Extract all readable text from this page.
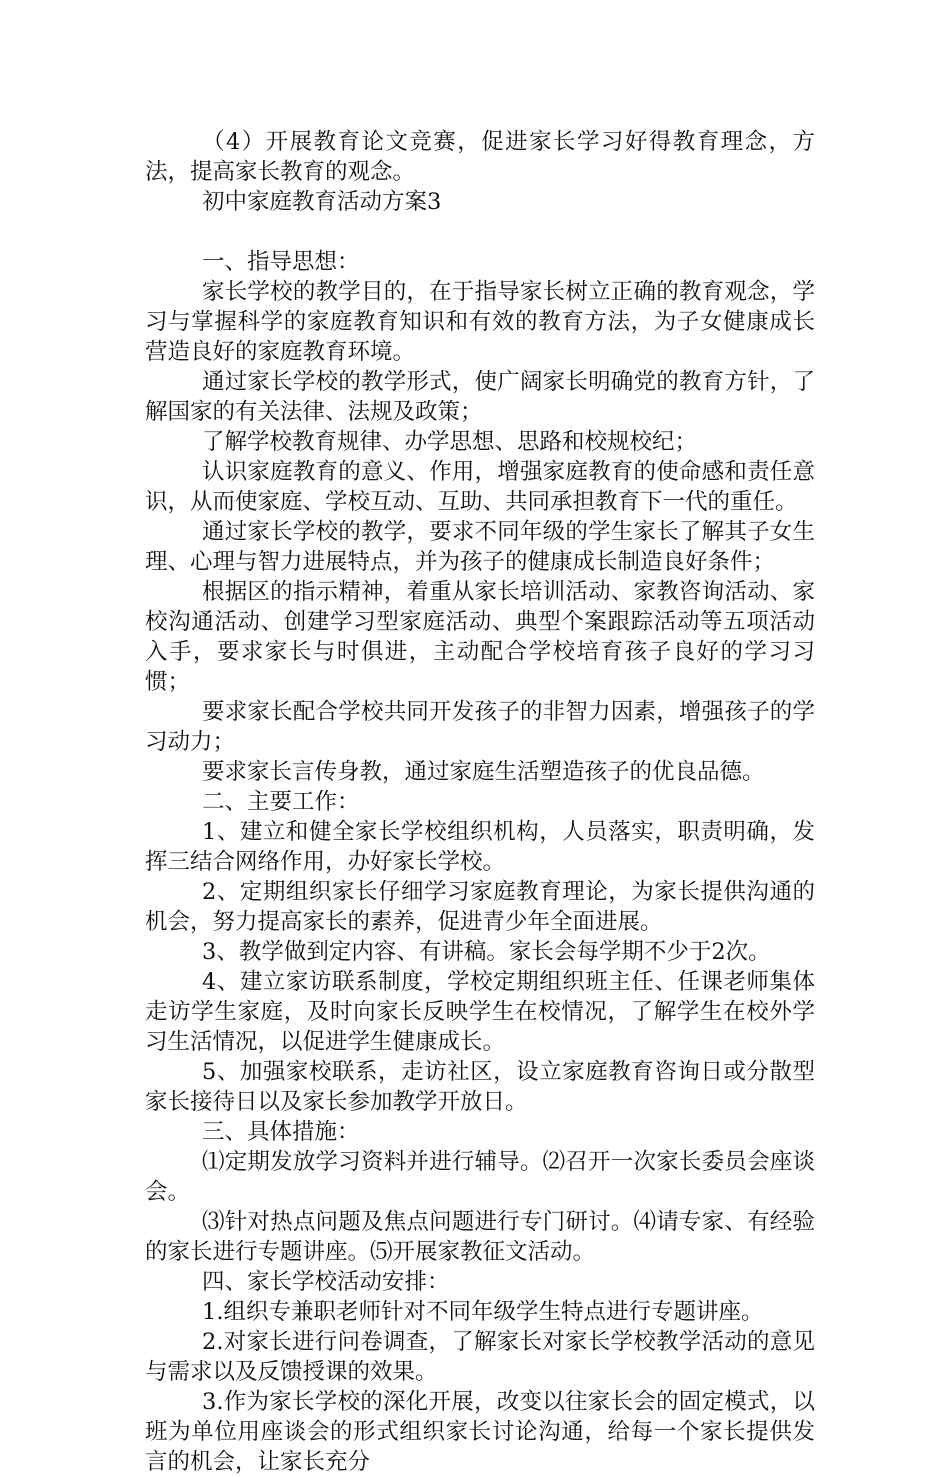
（4）开展教育论文竞赛，促进家长学习好得教育理念，方法，提高家长教育的观念。

初中家庭教育活动方案3

一、指导思想：

家长学校的教学目的，在于指导家长树立正确的教育观念，学习与掌握科学的家庭教育知识和有效的教育方法，为子女健康成长营造良好的家庭教育环境。

通过家长学校的教学形式，使广阔家长明确党的教育方针，了解国家的有关法律、法规及政策；

了解学校教育规律、办学思想、思路和校规校纪；

认识家庭教育的意义、作用，增强家庭教育的使命感和责任意识，从而使家庭、学校互动、互助、共同承担教育下一代的重任。

通过家长学校的教学，要求不同年级的学生家长了解其子女生理、心理与智力进展特点，并为孩子的健康成长制造良好条件；

根据区的指示精神，着重从家长培训活动、家教咨询活动、家校沟通活动、创建学习型家庭活动、典型个案跟踪活动等五项活动入手，要求家长与时俱进，主动配合学校培育孩子良好的学习习惯；

要求家长配合学校共同开发孩子的非智力因素，增强孩子的学习动力；

要求家长言传身教，通过家庭生活塑造孩子的优良品德。

二、主要工作：

1、建立和健全家长学校组织机构，人员落实，职责明确，发挥三结合网络作用，办好家长学校。

2、定期组织家长仔细学习家庭教育理论，为家长提供沟通的机会，努力提高家长的素养，促进青少年全面进展。

3、教学做到定内容、有讲稿。家长会每学期不少于2次。

4、建立家访联系制度，学校定期组织班主任、任课老师集体走访学生家庭，及时向家长反映学生在校情况，了解学生在校外学习生活情况，以促进学生健康成长。

5、加强家校联系，走访社区，设立家庭教育咨询日或分散型家长接待日以及家长参加教学开放日。

三、具体措施：

⑴定期发放学习资料并进行辅导。⑵召开一次家长委员会座谈会。

⑶针对热点问题及焦点问题进行专门研讨。⑷请专家、有经验的家长进行专题讲座。⑸开展家教征文活动。

四、家长学校活动安排：

1.组织专兼职老师针对不同年级学生特点进行专题讲座。

2.对家长进行问卷调查，了解家长对家长学校教学活动的意见与需求以及反馈授课的效果。

3.作为家长学校的深化开展，改变以往家长会的固定模式，以班为单位用座谈会的形式组织家长讨论沟通，给每一个家长提供发言的机会，让家长充分
